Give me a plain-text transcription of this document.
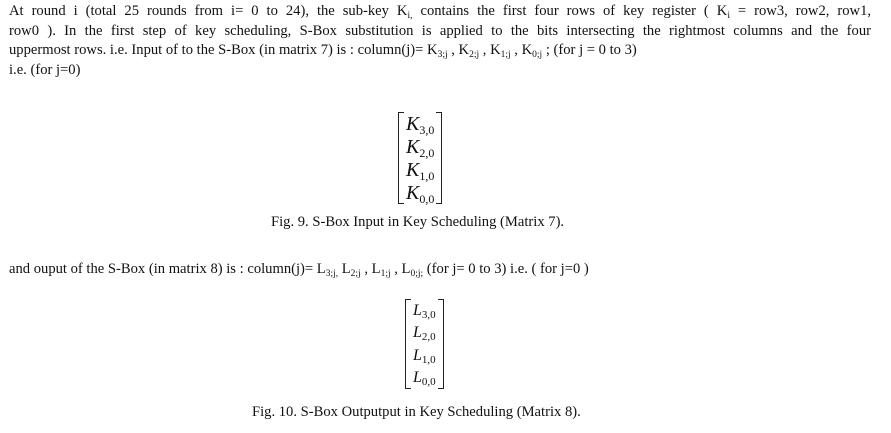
At round i (total 25 rounds from i= 0 to 24), the sub-key $K_{i,}$ contains the first four rows of key register ( $K_i = row3$, row2, row1,
row0 ). In the first step of key scheduling, S-Box substitution is applied to the bits intersecting the rightmost columns and the four
uppermost rows. i.e. Input of to the S-Box (in matrix 7) is : column(j)= $K_{3;j}$ , $K_{2;j}$ , $K_{1;j}$ , $K_{0;j}$ ; (for j = 0 to 3)
i.e. (for j=0)
$K_{3,0}$
$K_{2,0}$
$K_{1,0}$
$K_{0,0}$
Fig. 9. S-Box Input in Key Scheduling (Matrix 7).
and ouput of the S-Box (in matrix 8) is : column(j)= $L_{3;j,}$ $L_{2;j}$ , $L_{1;j}$ , $L_{0;j;}$ (for j= 0 to 3) i.e. ( for j=0 )
$L_{3,0}$
$L_{2,0}$
$L_{1,0}$
$L_{0,0}$
Fig. 10. S-Box Outputput in Key Scheduling (Matrix 8).
